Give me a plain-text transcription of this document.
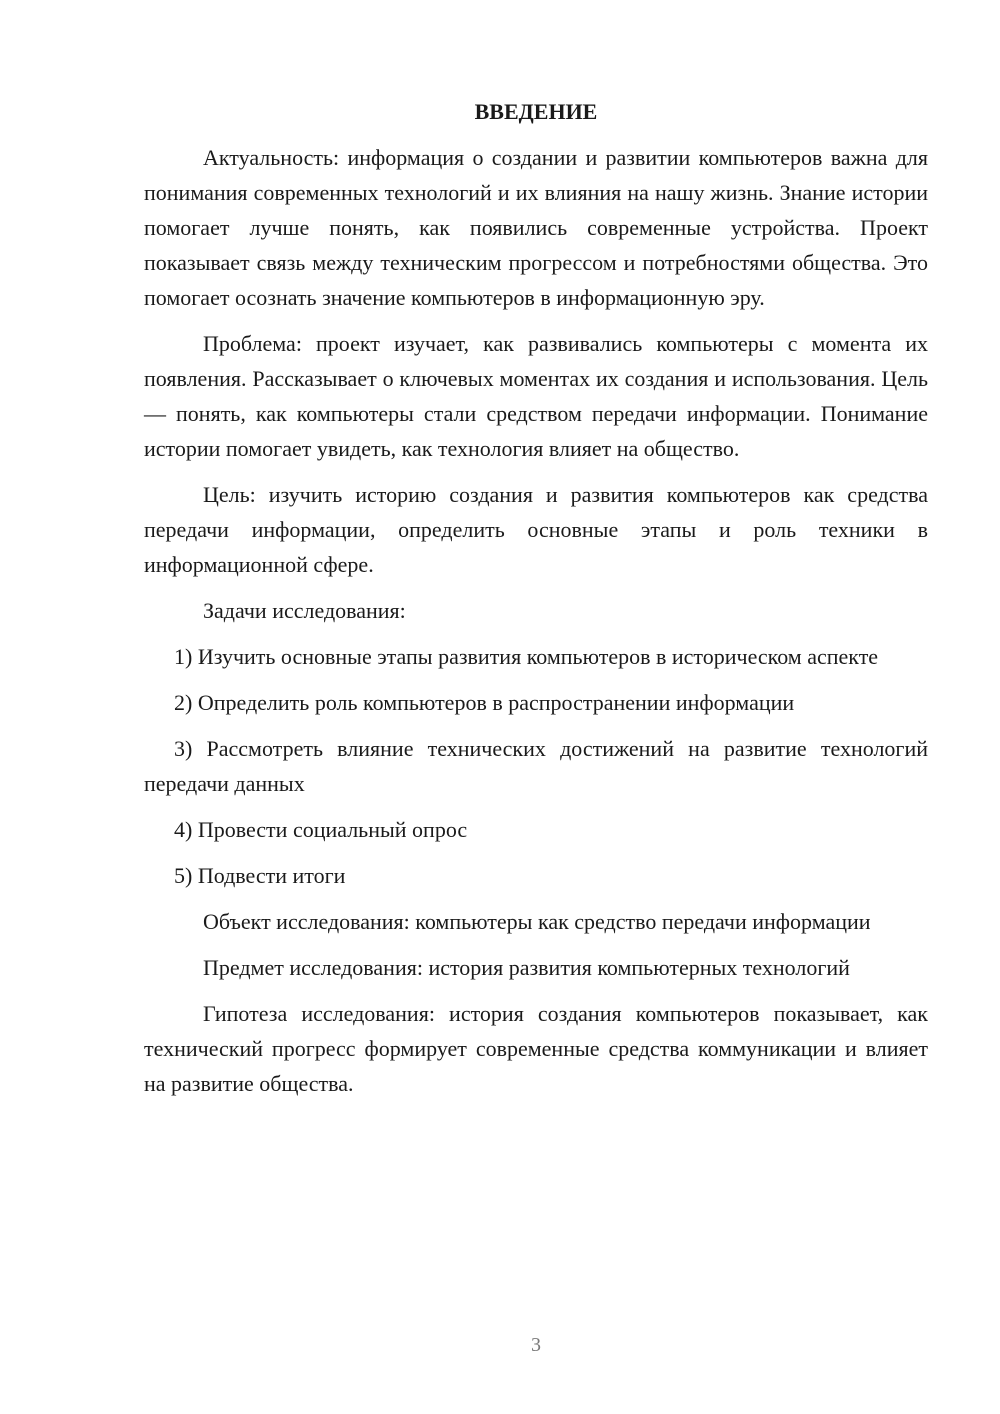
ВВЕДЕНИЕ

Актуальность: информация о создании и развитии компьютеров важна для понимания современных технологий и их влияния на нашу жизнь. Знание истории помогает лучше понять, как появились современные устройства. Проект показывает связь между техническим прогрессом и потребностями общества. Это помогает осознать значение компьютеров в информационную эру.

Проблема: проект изучает, как развивались компьютеры с момента их появления. Рассказывает о ключевых моментах их создания и использования. Цель — понять, как компьютеры стали средством передачи информации. Понимание истории помогает увидеть, как технология влияет на общество.

Цель: изучить историю создания и развития компьютеров как средства передачи информации, определить основные этапы и роль техники в информационной сфере.

Задачи исследования:

1) Изучить основные этапы развития компьютеров в историческом аспекте

2) Определить роль компьютеров в распространении информации

3) Рассмотреть влияние технических достижений на развитие технологий передачи данных

4) Провести социальный опрос

5) Подвести итоги

Объект исследования: компьютеры как средство передачи информации

Предмет исследования: история развития компьютерных технологий

Гипотеза исследования: история создания компьютеров показывает, как технический прогресс формирует современные средства коммуникации и влияет на развитие общества.

3
